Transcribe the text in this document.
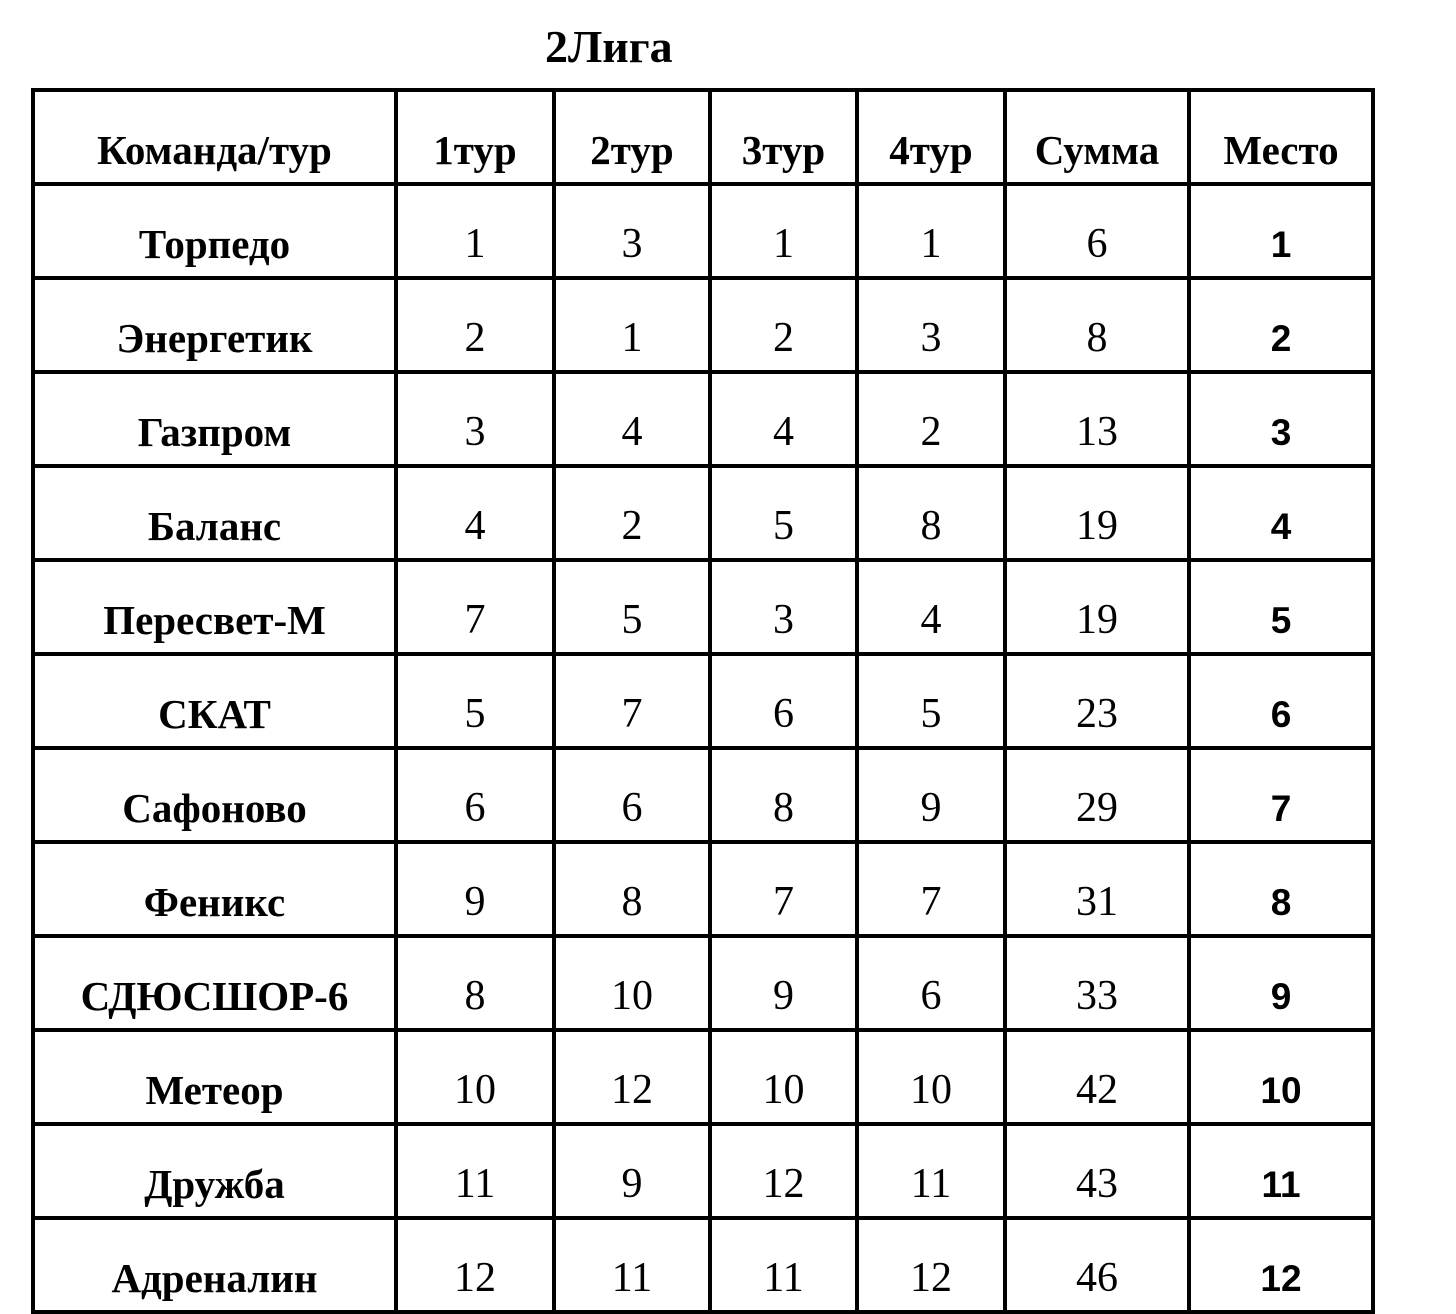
2Лига
Команда/тур	1тур	2тур	3тур	4тур	Сумма	Место
Торпедо	1	3	1	1	6	1
Энергетик	2	1	2	3	8	2
Газпром	3	4	4	2	13	3
Баланс	4	2	5	8	19	4
Пересвет-М	7	5	3	4	19	5
СКАТ	5	7	6	5	23	6
Сафоново	6	6	8	9	29	7
Феникс	9	8	7	7	31	8
СДЮСШОР-6	8	10	9	6	33	9
Метеор	10	12	10	10	42	10
Дружба	11	9	12	11	43	11
Адреналин	12	11	11	12	46	12
